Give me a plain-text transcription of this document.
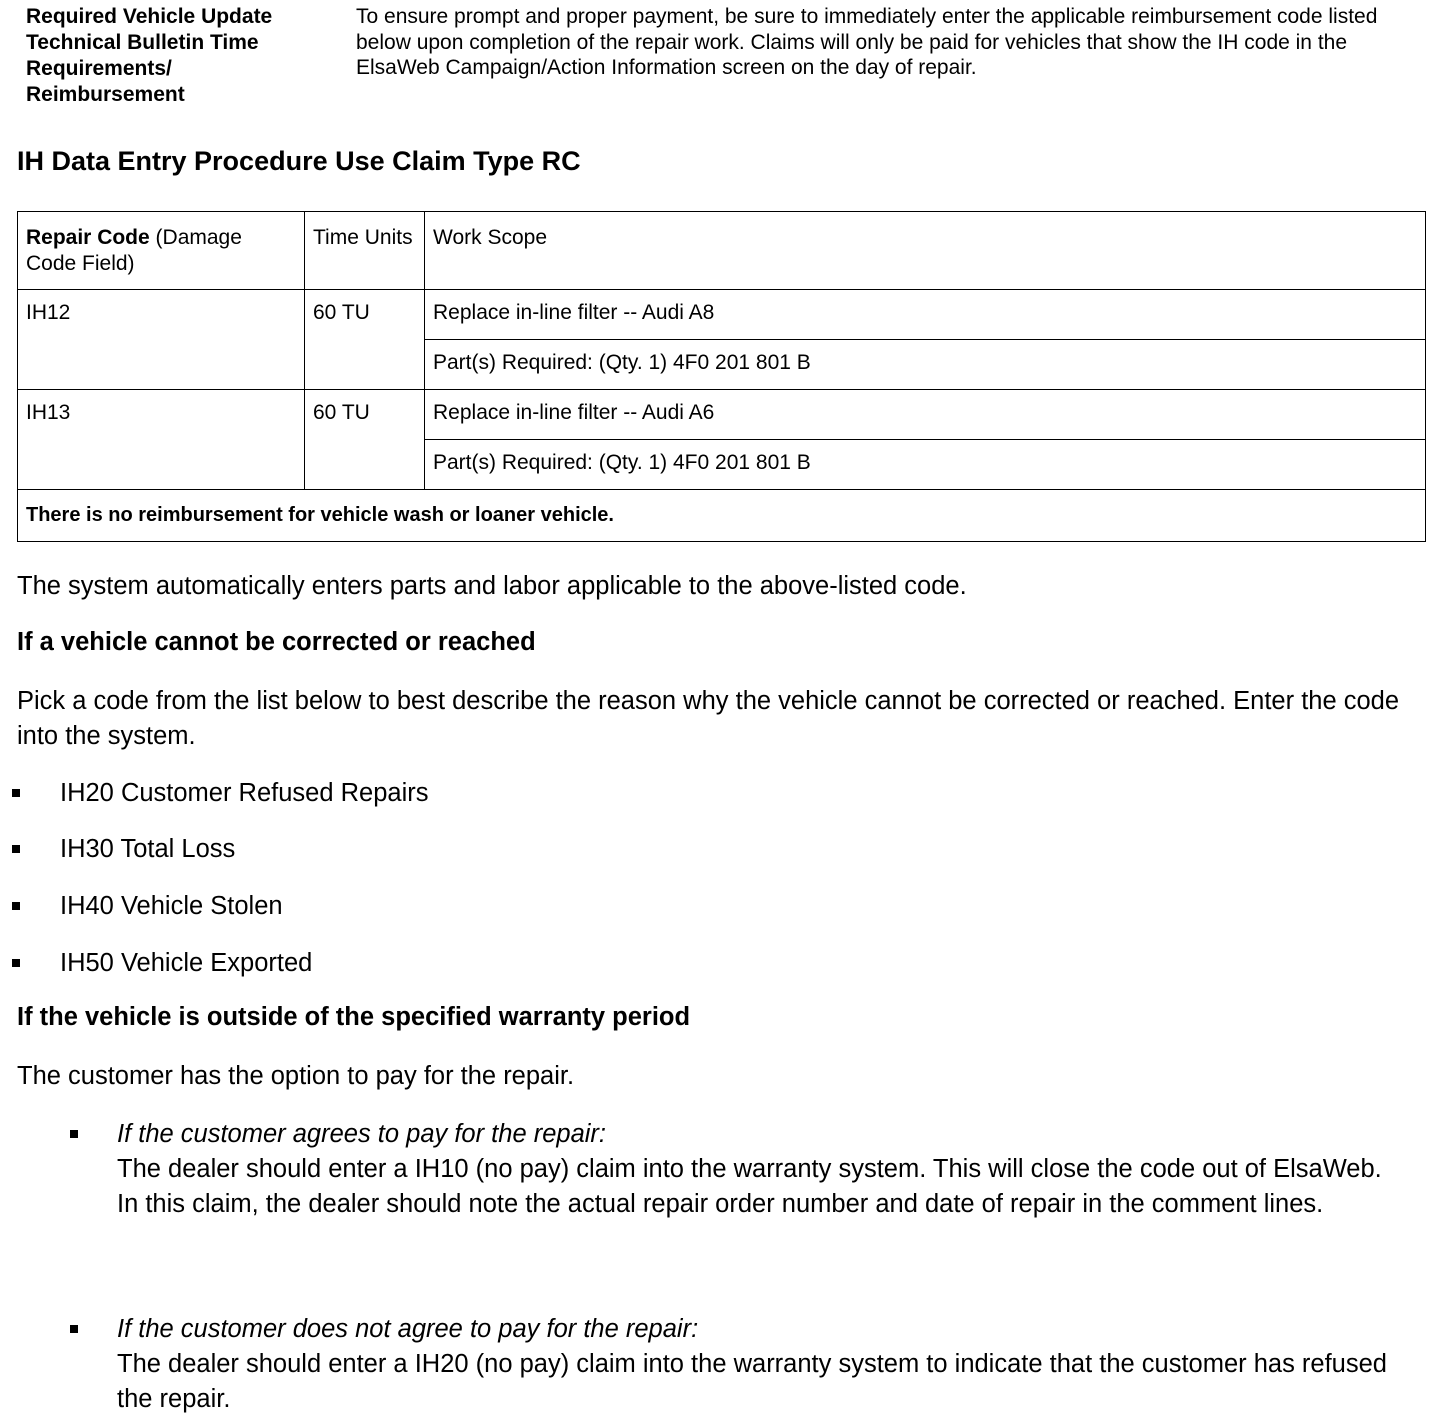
Required Vehicle Update
Technical Bulletin Time
Requirements/
Reimbursement
To ensure prompt and proper payment, be sure to immediately enter the applicable reimbursement code listed below upon completion of the repair work. Claims will only be paid for vehicles that show the IH code in the ElsaWeb Campaign/Action Information screen on the day of repair.
IH Data Entry Procedure Use Claim Type RC
Repair Code (Damage Code Field)	Time Units	Work Scope
IH12	60 TU	Replace in-line filter -- Audi A8
		Part(s) Required: (Qty. 1) 4F0 201 801 B
IH13	60 TU	Replace in-line filter -- Audi A6
		Part(s) Required: (Qty. 1) 4F0 201 801 B
There is no reimbursement for vehicle wash or loaner vehicle.		

The system automatically enters parts and labor applicable to the above-listed code.

If a vehicle cannot be corrected or reached

Pick a code from the list below to best describe the reason why the vehicle cannot be corrected or reached. Enter the code into the system.

IH20 Customer Refused Repairs
IH30 Total Loss
IH40 Vehicle Stolen
IH50 Vehicle Exported
If the vehicle is outside of the specified warranty period

The customer has the option to pay for the repair.

If the customer agrees to pay for the repair:
The dealer should enter a IH10 (no pay) claim into the warranty system. This will close the code out of ElsaWeb.
In this claim, the dealer should note the actual repair order number and date of repair in the comment lines.
If the customer does not agree to pay for the repair:
The dealer should enter a IH20 (no pay) claim into the warranty system to indicate that the customer has refused the repair.
